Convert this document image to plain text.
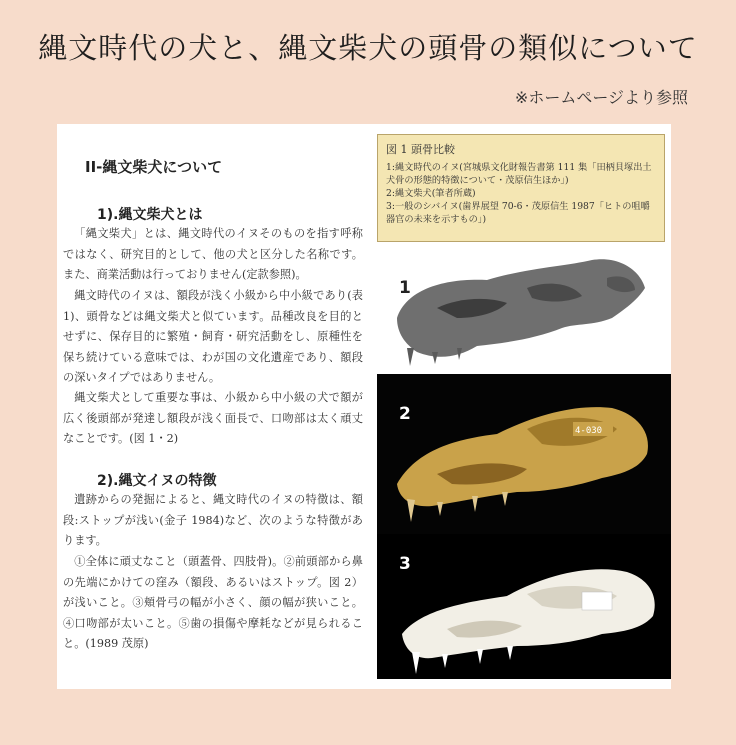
縄文時代の犬と、縄文柴犬の頭骨の類似について
※ホームページより参照
II-縄文柴犬について
1).縄文柴犬とは
「縄文柴犬」とは、縄文時代のイヌそのものを指す呼称ではなく、研究目的として、他の犬と区分した名称です。また、商業活動は行っておりません(定款参照)。
縄文時代のイヌは、額段が浅く小級から中小級であり(表 1)、頭骨などは縄文柴犬と似ています。品種改良を目的とせずに、保存目的に繁殖・飼育・研究活動をし、原種性を保ち続けている意味では、わが国の文化遺産であり、額段の深いタイプではありません。
縄文柴犬として重要な事は、小級から中小級の犬で額が広く後頭部が発達し額段が浅く面長で、口吻部は太く頑丈なことです。(図 1・2)
2).縄文イヌの特徴
遺跡からの発掘によると、縄文時代のイヌの特徴は、額段:ストップが浅い(金子 1984)など、次のような特徴があります。
①全体に頑丈なこと（頭蓋骨、四肢骨)。②前頭部から鼻の先端にかけての窪み（額段、あるいはストップ。図 2）が浅いこと。③頬骨弓の幅が小さく、顔の幅が狭いこと。④口吻部が太いこと。⑤歯の損傷や摩耗などが見られること。(1989 茂原)
図 1 頭骨比較
1:縄文時代のイヌ(宮城県文化財報告書第 111 集「田柄貝塚出土犬骨の形態的特徴について・茂原信生ほか」)
2:縄文柴犬(筆者所蔵)
3:一般のシバイヌ(歯界展望 70-6・茂原信生 1987「ヒトの咀嚼器官の未来を示すもの」)
1
4-030
2
3
